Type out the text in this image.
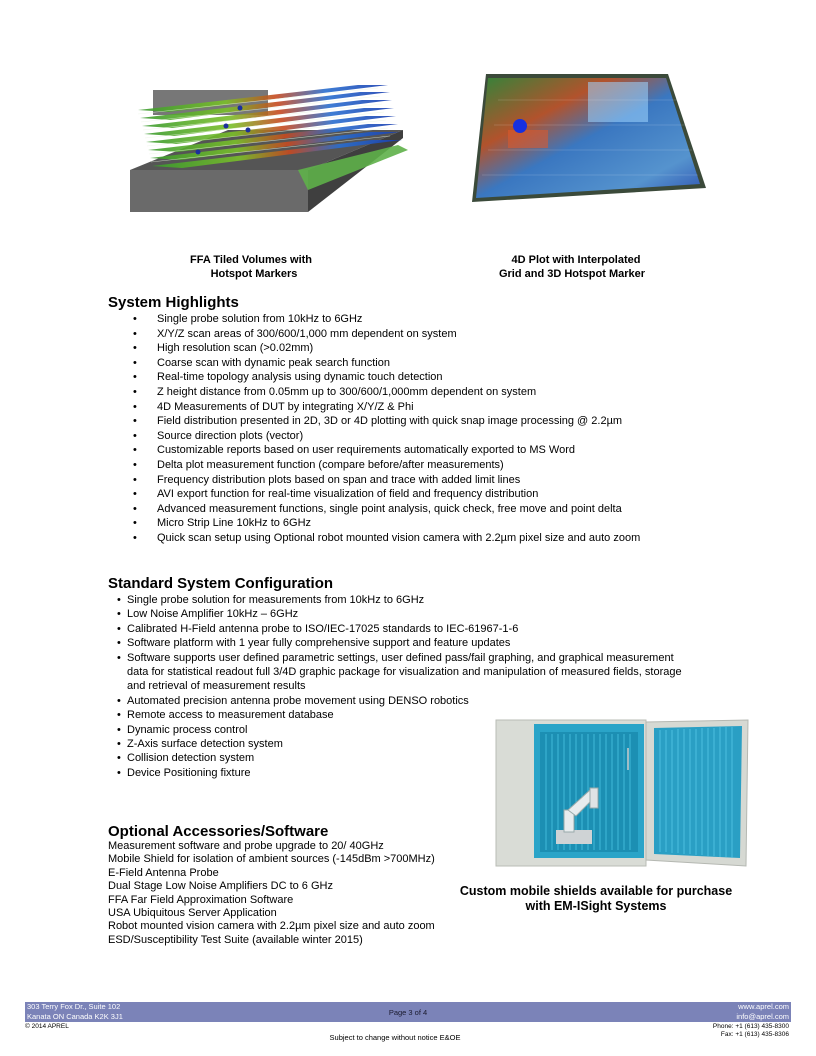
FFA Tiled Volumes with
Hotspot Markers
4D Plot with Interpolated
Grid and 3D Hotspot Marker
System Highlights
• Single probe solution from 10kHz to 6GHz
• X/Y/Z scan areas of 300/600/1,000 mm dependent on system
• High resolution scan (>0.02mm)
• Coarse scan with dynamic peak search function
• Real-time topology analysis using dynamic touch detection
• Z height distance from 0.05mm up to 300/600/1,000mm dependent on system
• 4D Measurements of DUT by integrating X/Y/Z & Phi
• Field distribution presented in 2D, 3D or 4D plotting with quick snap image processing @ 2.2µm
• Source direction plots (vector)
• Customizable reports based on user requirements automatically exported to MS Word
• Delta plot measurement function (compare before/after measurements)
• Frequency distribution plots based on span and trace with added limit lines
• AVI export function for real-time visualization of field and frequency distribution
• Advanced measurement functions, single point analysis, quick check, free move and point delta
• Micro Strip Line 10kHz to 6GHz
• Quick scan setup using Optional robot mounted vision camera with 2.2µm pixel size and auto zoom
Standard System Configuration
• Single probe solution for measurements from 10kHz to 6GHz
• Low Noise Amplifier 10kHz – 6GHz
• Calibrated H-Field antenna probe to ISO/IEC-17025 standards to IEC-61967-1-6
• Software platform with 1 year fully comprehensive support and feature updates
• Software supports user defined parametric settings, user defined pass/fail graphing, and graphical measurement data for statistical readout full 3/4D graphic package for visualization and manipulation of measured fields, storage and retrieval of measurement results
• Automated precision antenna probe movement using DENSO robotics
• Remote access to measurement database
• Dynamic process control
• Z-Axis surface detection system
• Collision detection system
• Device Positioning fixture
Optional Accessories/Software
Measurement software and probe upgrade to 20/ 40GHz
Mobile Shield for isolation of ambient sources (-145dBm >700MHz)
E-Field Antenna Probe
Dual Stage Low Noise Amplifiers DC to 6 GHz
FFA Far Field Approximation Software
USA Ubiquitous Server Application
Robot mounted vision camera with 2.2µm pixel size and auto zoom
ESD/Susceptibility Test Suite (available winter 2015)
Custom mobile shields available for purchase
with EM-ISight Systems
303 Terry Fox Dr., Suite 102
Kanata ON Canada K2K 3J1	Page 3 of 4
www.aprel.com
info@aprel.com
© 2014 APREL	Phone: +1 (613) 435-8300
Fax: +1 (613) 435-8306
Subject to change without notice E&OE
